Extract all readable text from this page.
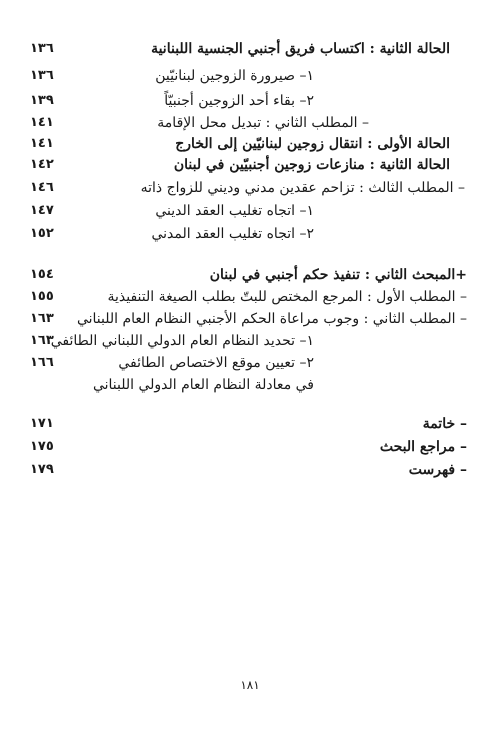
الحالة الثانية : اكتساب فريق أجنبي الجنسية اللبنانية
١٣٦
١– صيرورة الزوجين لبنانيّين
١٣٦
٢– بقاء أحد الزوجين أجنبيّاً
١٣٩
– المطلب الثاني : تبديل محل الإقامة
١٤١
الحالة الأولى : انتقال زوجين لبنانيّين إلى الخارج
١٤١
الحالة الثانية : منازعات زوجين أجنبيّين في لبنان
١٤٢
– المطلب الثالث : تزاحم عقدين مدني وديني للزواج ذاته
١٤٦
١– اتجاه تغليب العقد الديني
١٤٧
٢– اتجاه تغليب العقد المدني
١٥٢
+المبحث الثاني : تنفيذ حكم أجنبي في لبنان
١٥٤
– المطلب الأول : المرجع المختص للبتّ بطلب الصيغة التنفيذية
١٥٥
– المطلب الثاني : وجوب مراعاة الحكم الأجنبي النظام العام اللبناني
١٦٣
١– تحديد النظام العام الدولي اللبناني الطائفي
١٦٣
٢– تعيين موقع الاختصاص الطائفي
١٦٦
في معادلة النظام العام الدولي اللبناني
– خاتمة
١٧١
– مراجع البحث
١٧٥
– فهرست
١٧٩
١٨١
